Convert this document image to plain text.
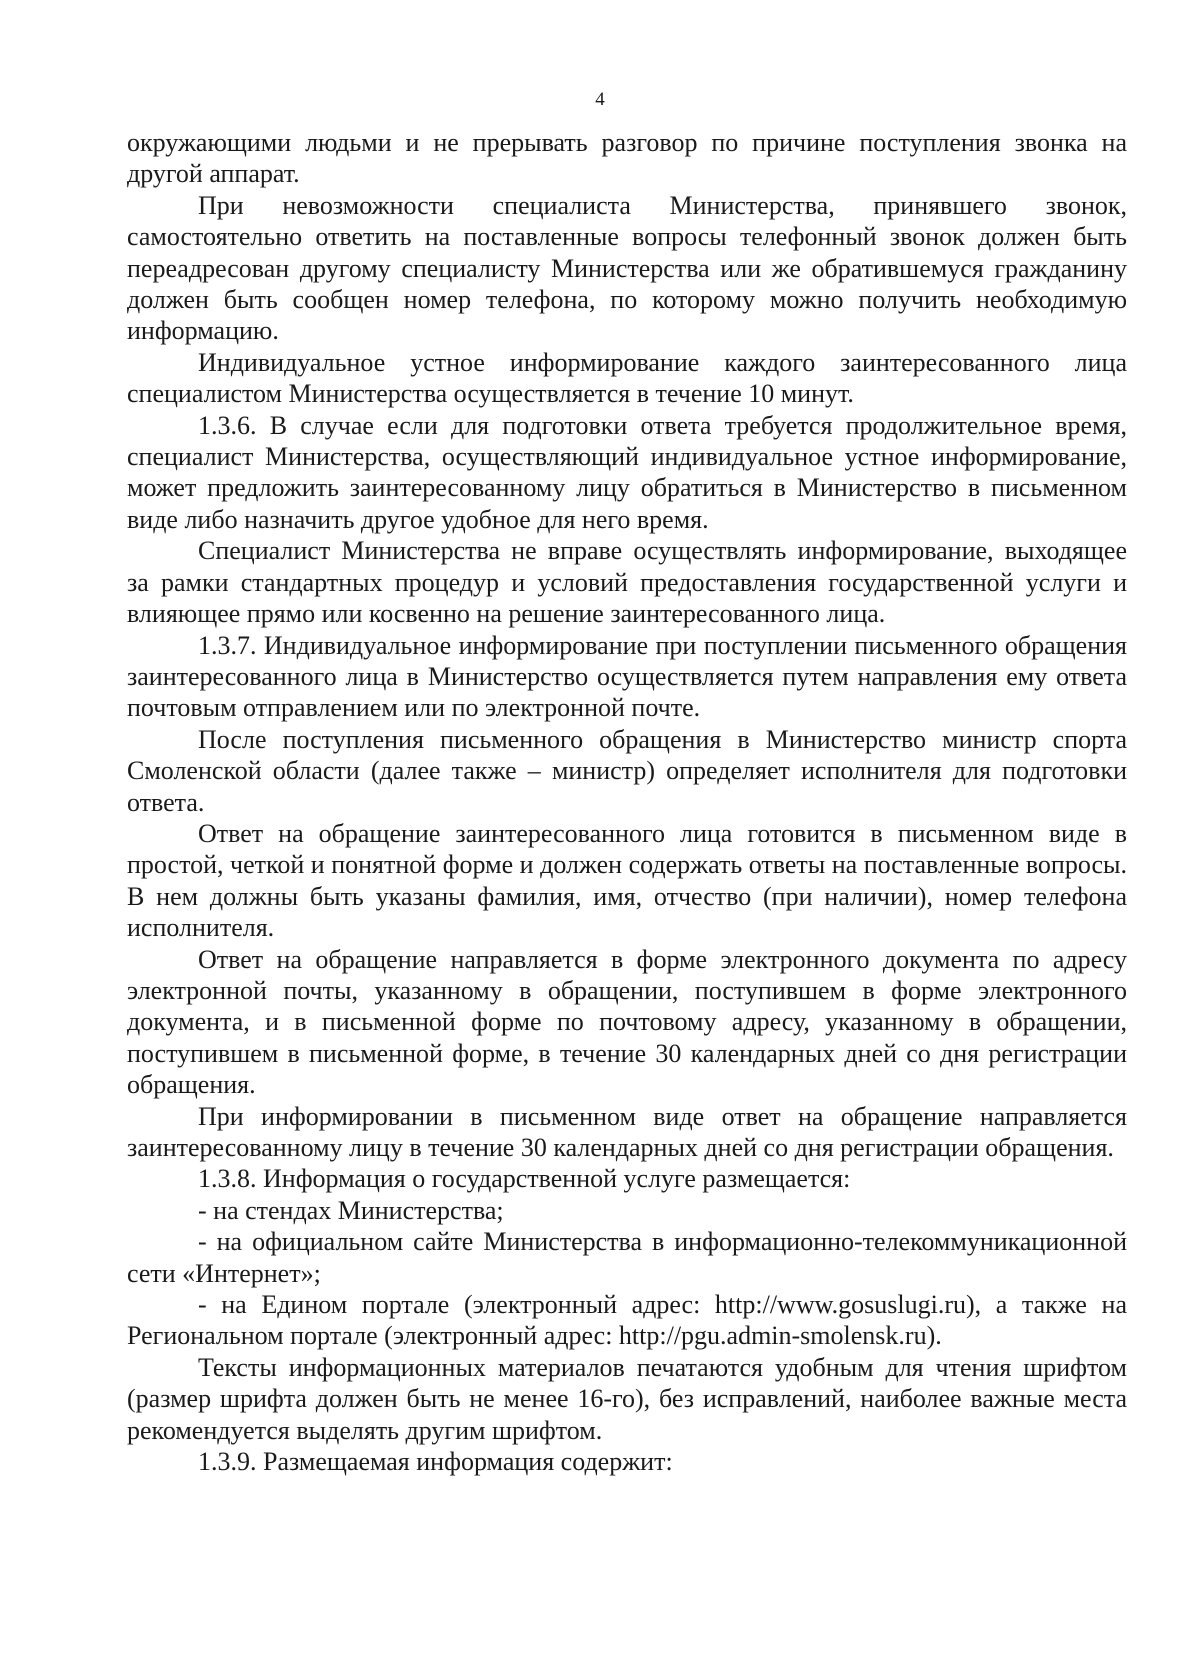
4

окружающими людьми и не прерывать разговор по причине поступления звонка на другой аппарат.

При невозможности специалиста Министерства, принявшего звонок, самостоятельно ответить на поставленные вопросы телефонный звонок должен быть переадресован другому специалисту Министерства или же обратившемуся гражданину должен быть сообщен номер телефона, по которому можно получить необходимую информацию.

Индивидуальное устное информирование каждого заинтересованного лица специалистом Министерства осуществляется в течение 10 минут.

1.3.6. В случае если для подготовки ответа требуется продолжительное время, специалист Министерства, осуществляющий индивидуальное устное информирование, может предложить заинтересованному лицу обратиться в Министерство в письменном виде либо назначить другое удобное для него время.

Специалист Министерства не вправе осуществлять информирование, выходящее за рамки стандартных процедур и условий предоставления государственной услуги и влияющее прямо или косвенно на решение заинтересованного лица.

1.3.7. Индивидуальное информирование при поступлении письменного обращения заинтересованного лица в Министерство осуществляется путем направления ему ответа почтовым отправлением или по электронной почте.

После поступления письменного обращения в Министерство министр спорта Смоленской области (далее также – министр) определяет исполнителя для подготовки ответа.

Ответ на обращение заинтересованного лица готовится в письменном виде в простой, четкой и понятной форме и должен содержать ответы на поставленные вопросы. В нем должны быть указаны фамилия, имя, отчество (при наличии), номер телефона исполнителя.

Ответ на обращение направляется в форме электронного документа по адресу электронной почты, указанному в обращении, поступившем в форме электронного документа, и в письменной форме по почтовому адресу, указанному в обращении, поступившем в письменной форме, в течение 30 календарных дней со дня регистрации обращения.

При информировании в письменном виде ответ на обращение направляется заинтересованному лицу в течение 30 календарных дней со дня регистрации обращения.

1.3.8. Информация о государственной услуге размещается:

- на стендах Министерства;

- на официальном сайте Министерства в информационно-телекоммуникационной сети «Интернет»;

- на Едином портале (электронный адрес: http://www.gosuslugi.ru), а также на Региональном портале (электронный адрес: http://pgu.admin-smolensk.ru).

Тексты информационных материалов печатаются удобным для чтения шрифтом (размер шрифта должен быть не менее 16-го), без исправлений, наиболее важные места рекомендуется выделять другим шрифтом.

1.3.9. Размещаемая информация содержит:
